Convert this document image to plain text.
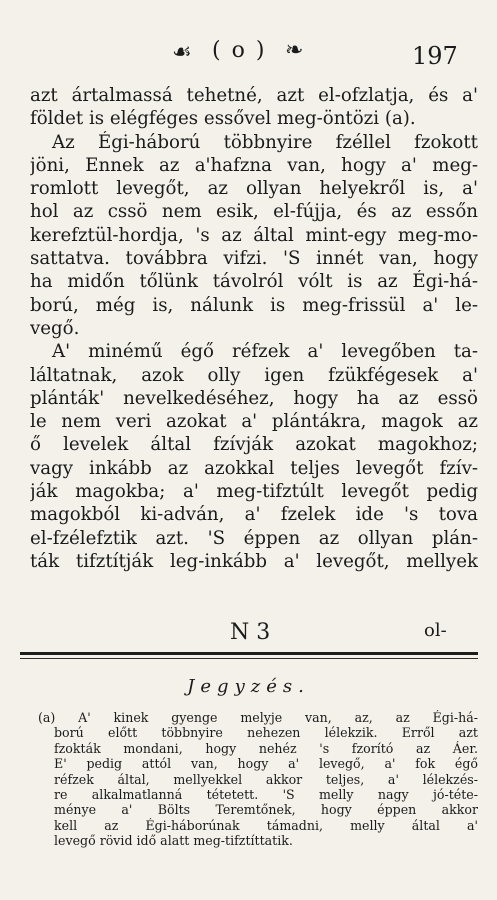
☙ ( o ) ❧	197
azt ártalmassá tehetné, azt el-ofzlatja, és a'
földet is elégféges essővel meg-öntözi (a).
Az Égi-háború többnyire fzéllel fzokott
jöni, Ennek az a'hafzna van, hogy a' meg-
romlott levegőt, az ollyan helyekről is, a'
hol az cssö nem esik, el-fújja, és az essőn
kerefztül-hordja, 's az által mint-egy meg-mo-
sattatva. továbbra vifzi. 'S innét van, hogy
ha midőn tőlünk távolról vólt is az Égi-há-
ború, még is, nálunk is meg-frissül a' le-
vegő.
A' minémű égő réfzek a' levegőben ta-
láltatnak, azok olly igen fzükfégesek a'
plánták' nevelkedéséhez, hogy ha az essö
le nem veri azokat a' plántákra, magok az
ő levelek által fzívják azokat magokhoz;
vagy inkább az azokkal teljes levegőt fzív-
ják magokba; a' meg-tifztúlt levegőt pedig
magokból ki-adván, a' fzelek ide 's tova
el-fzélefztik azt. 'S éppen az ollyan plán-
ták tifztítják leg-inkább a' levegőt, mellyek
N 3	ol-
Jegyzés.
(a) A' kinek gyenge melyje van, az, az Égi-há-
ború előtt többnyire nehezen lélekzik. Erről azt
fzokták mondani, hogy nehéz 's fzorító az Áer.
E' pedig attól van, hogy a' levegő, a' fok égő
réfzek által, mellyekkel akkor teljes, a' lélekzés-
re alkalmatlanná tétetett. 'S melly nagy jó-téte-
ménye a' Bölts Teremtőnek, hogy éppen akkor
kell az Égi-háborúnak támadni, melly által a'
levegő rövid idő alatt meg-tifztíttatik.
